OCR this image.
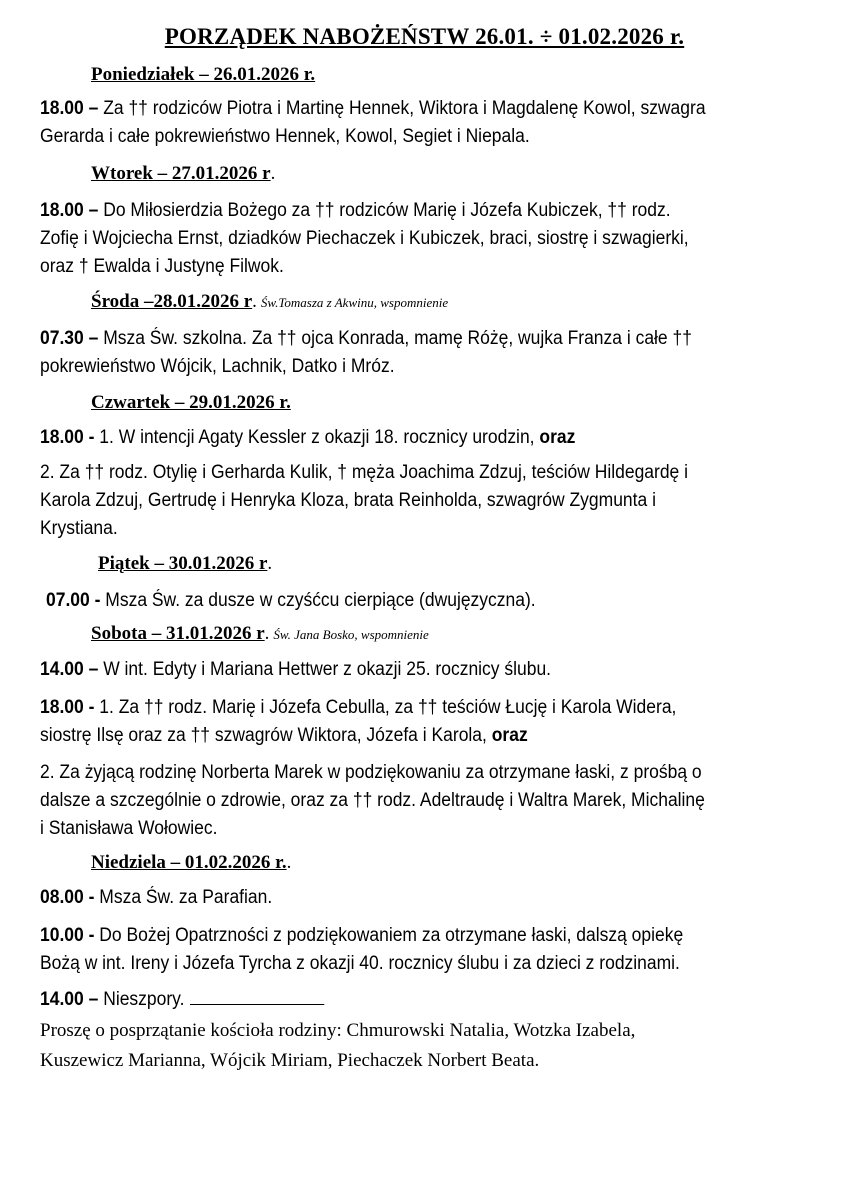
PORZĄDEK NABOŻEŃSTW 26.01. ÷ 01.02.2026 r.
Poniedziałek – 26.01.2026 r.
18.00 – Za †† rodziców Piotra i Martinę Hennek, Wiktora i Magdalenę Kowol, szwagra
Gerarda i całe pokrewieństwo Hennek, Kowol, Segiet i Niepala.
Wtorek – 27.01.2026 r.
18.00 – Do Miłosierdzia Bożego za †† rodziców Marię i Józefa Kubiczek, †† rodz.
Zofię i Wojciecha Ernst, dziadków Piechaczek i Kubiczek, braci, siostrę i szwagierki,
oraz † Ewalda i Justynę Filwok.
Środa –28.01.2026 r. Św.Tomasza z Akwinu, wspomnienie
07.30 – Msza Św. szkolna. Za †† ojca Konrada, mamę Różę, wujka Franza i całe ††
pokrewieństwo Wójcik, Lachnik, Datko i Mróz.
Czwartek – 29.01.2026 r.
18.00 - 1. W intencji Agaty Kessler z okazji 18. rocznicy urodzin, oraz
2. Za †† rodz. Otylię i Gerharda Kulik, † męża Joachima Zdzuj, teściów Hildegardę i
Karola Zdzuj, Gertrudę i Henryka Kloza, brata Reinholda, szwagrów Zygmunta i
Krystiana.
Piątek – 30.01.2026 r.
07.00 - Msza Św. za dusze w czyśćcu cierpiące (dwujęzyczna).
Sobota – 31.01.2026 r. Św. Jana Bosko, wspomnienie
14.00 – W int. Edyty i Mariana Hettwer z okazji 25. rocznicy ślubu.
18.00 - 1. Za †† rodz. Marię i Józefa Cebulla, za †† teściów Łucję i Karola Widera,
siostrę Ilsę oraz za †† szwagrów Wiktora, Józefa i Karola, oraz
2. Za żyjącą rodzinę Norberta Marek w podziękowaniu za otrzymane łaski, z prośbą o
dalsze a szczególnie o zdrowie, oraz za †† rodz. Adeltraudę i Waltra Marek, Michalinę
i Stanisława Wołowiec.
Niedziela – 01.02.2026 r..
08.00 - Msza Św. za Parafian.
10.00 - Do Bożej Opatrzności z podziękowaniem za otrzymane łaski, dalszą opiekę
Bożą w int. Ireny i Józefa Tyrcha z okazji 40. rocznicy ślubu i za dzieci z rodzinami.
14.00 – Nieszpory.
Proszę o posprzątanie kościoła rodziny: Chmurowski Natalia, Wotzka Izabela,
Kuszewicz Marianna, Wójcik Miriam, Piechaczek Norbert Beata.
